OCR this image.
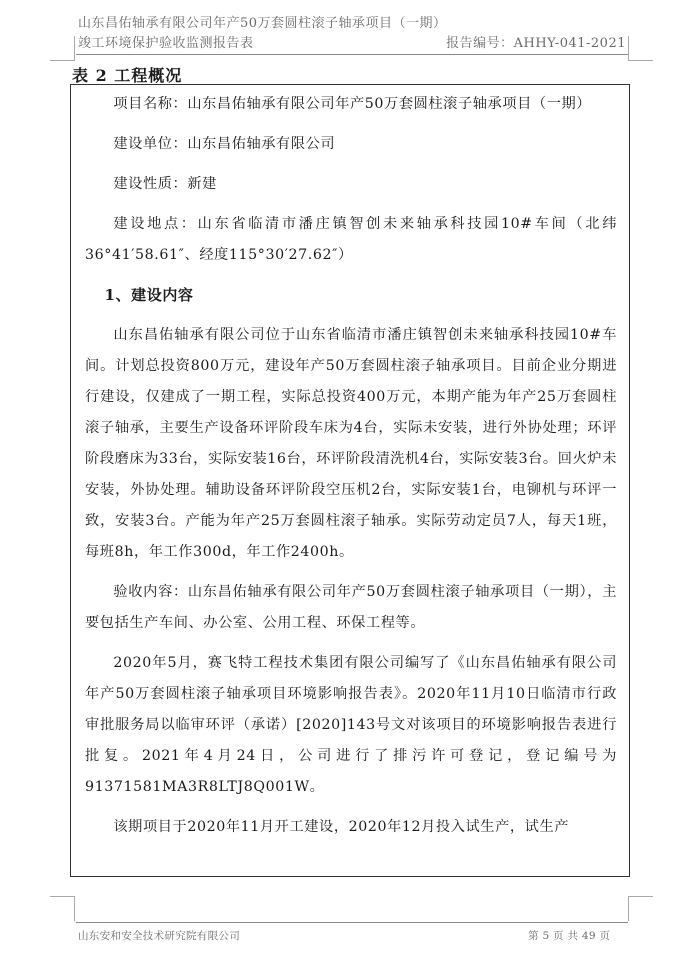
山东昌佑轴承有限公司年产50万套圆柱滚子轴承项目（一期）
竣工环境保护验收监测报告表	报告编号：AHHY-041-2021
表 2 工程概况

项目名称：山东昌佑轴承有限公司年产50万套圆柱滚子轴承项目（一期）

建设单位：山东昌佑轴承有限公司

建设性质：新建

建设地点：山东省临清市潘庄镇智创未来轴承科技园10#车间（北纬36°41′58.61″、经度115°30′27.62″）

1、建设内容

山东昌佑轴承有限公司位于山东省临清市潘庄镇智创未来轴承科技园10#车间。计划总投资800万元，建设年产50万套圆柱滚子轴承项目。目前企业分期进行建设，仅建成了一期工程，实际总投资400万元，本期产能为年产25万套圆柱滚子轴承，主要生产设备环评阶段车床为4台，实际未安装，进行外协处理；环评阶段磨床为33台，实际安装16台，环评阶段清洗机4台，实际安装3台。回火炉未安装，外协处理。辅助设备环评阶段空压机2台，实际安装1台，电铆机与环评一致，安装3台。产能为年产25万套圆柱滚子轴承。实际劳动定员7人，每天1班，每班8h，年工作300d，年工作2400h。

验收内容：山东昌佑轴承有限公司年产50万套圆柱滚子轴承项目（一期），主要包括生产车间、办公室、公用工程、环保工程等。

2020年5月，赛飞特工程技术集团有限公司编写了《山东昌佑轴承有限公司年产50万套圆柱滚子轴承项目环境影响报告表》。2020年11月10日临清市行政审批服务局以临审环评（承诺）[2020]143号文对该项目的环境影响报告表进行批复。2021年4月24日，公司进行了排污许可登记，登记编号为91371581MA3R8LTJ8Q001W。

该期项目于2020年11月开工建设，2020年12月投入试生产，试生产

山东安和安全技术研究院有限公司	第 5 页 共 49 页
